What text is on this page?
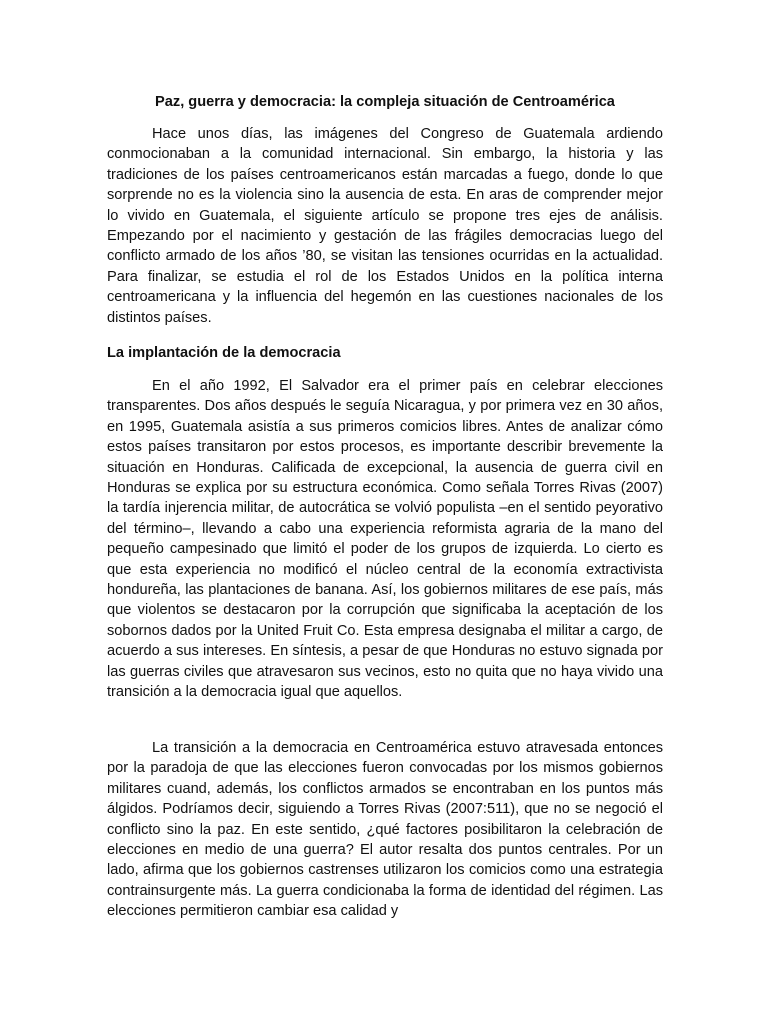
Paz, guerra y democracia: la compleja situación de Centroamérica

Hace unos días, las imágenes del Congreso de Guatemala ardiendo conmocionaban a la comunidad internacional. Sin embargo, la historia y las tradiciones de los países centroamericanos están marcadas a fuego, donde lo que sorprende no es la violencia sino la ausencia de esta. En aras de comprender mejor lo vivido en Guatemala, el siguiente artículo se propone tres ejes de análisis. Empezando por el nacimiento y gestación de las frágiles democracias luego del conflicto armado de los años ’80, se visitan las tensiones ocurridas en la actualidad. Para finalizar, se estudia el rol de los Estados Unidos en la política interna centroamericana y la influencia del hegemón en las cuestiones nacionales de los distintos países.

La implantación de la democracia

En el año 1992, El Salvador era el primer país en celebrar elecciones transparentes. Dos años después le seguía Nicaragua, y por primera vez en 30 años, en 1995, Guatemala asistía a sus primeros comicios libres. Antes de analizar cómo estos países transitaron por estos procesos, es importante describir brevemente la situación en Honduras. Calificada de excepcional, la ausencia de guerra civil en Honduras se explica por su estructura económica. Como señala Torres Rivas (2007) la tardía injerencia militar, de autocrática se volvió populista –en el sentido peyorativo del término–, llevando a cabo una experiencia reformista agraria de la mano del pequeño campesinado que limitó el poder de los grupos de izquierda. Lo cierto es que esta experiencia no modificó el núcleo central de la economía extractivista hondureña, las plantaciones de banana. Así, los gobiernos militares de ese país, más que violentos se destacaron por la corrupción que significaba la aceptación de los sobornos dados por la United Fruit Co. Esta empresa designaba el militar a cargo, de acuerdo a sus intereses. En síntesis, a pesar de que Honduras no estuvo signada por las guerras civiles que atravesaron sus vecinos, esto no quita que no haya vivido una transición a la democracia igual que aquellos.

La transición a la democracia en Centroamérica estuvo atravesada entonces por la paradoja de que las elecciones fueron convocadas por los mismos gobiernos militares cuand, además, los conflictos armados se encontraban en los puntos más álgidos. Podríamos decir, siguiendo a Torres Rivas (2007:511), que no se negoció el conflicto sino la paz. En este sentido, ¿qué factores posibilitaron la celebración de elecciones en medio de una guerra? El autor resalta dos puntos centrales. Por un lado, afirma que los gobiernos castrenses utilizaron los comicios como una estrategia contrainsurgente más. La guerra condicionaba la forma de identidad del régimen. Las elecciones permitieron cambiar esa calidad y
